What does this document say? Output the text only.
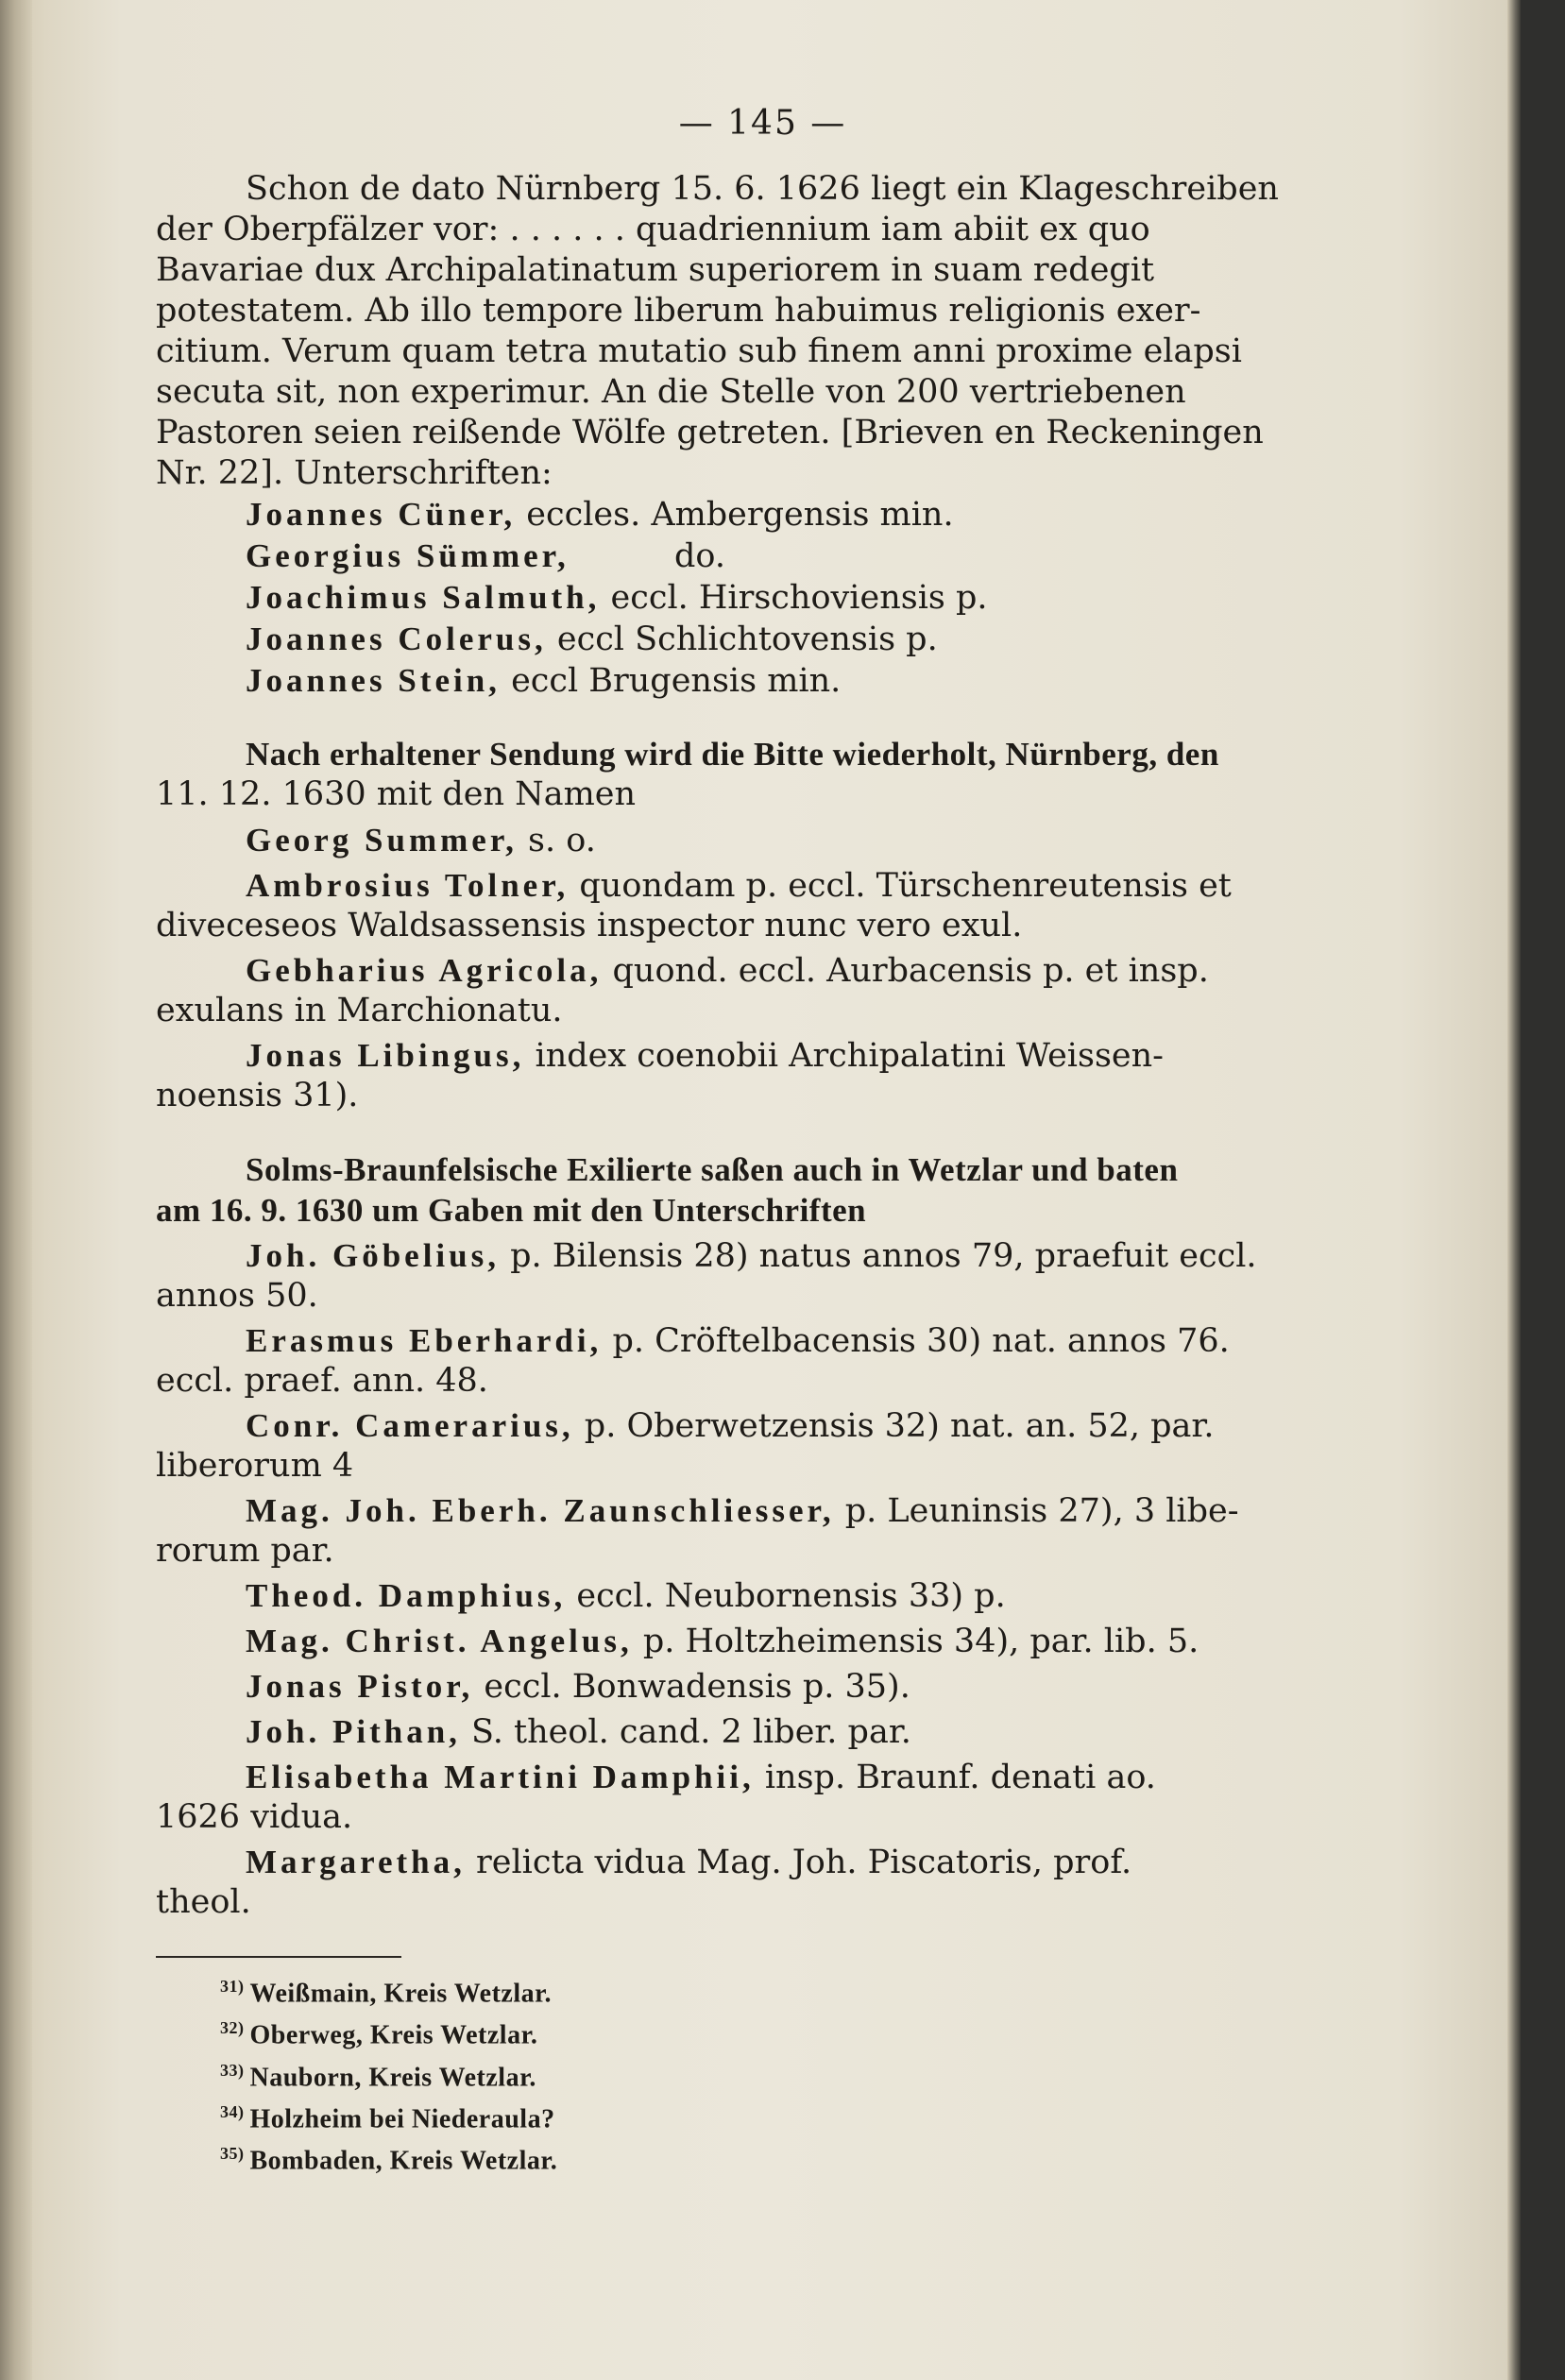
— 145 —
Schon de dato Nürnberg 15. 6. 1626 liegt ein Klageschreiben
der Oberpfälzer vor: . . . . . . quadriennium iam abiit ex quo
Bavariae dux Archipalatinatum superiorem in suam redegit
potestatem. Ab illo tempore liberum habuimus religionis exer-
citium. Verum quam tetra mutatio sub finem anni proxime elapsi
secuta sit, non experimur. An die Stelle von 200 vertriebenen
Pastoren seien reißende Wölfe getreten. [Brieven en Reckeningen
Nr. 22]. Unterschriften:
Joannes Cüner, eccles. Ambergensis min.
Georgius Sümmer,          do.
Joachimus Salmuth, eccl. Hirschoviensis p.
Joannes Colerus, eccl Schlichtovensis p.
Joannes Stein, eccl Brugensis min.
Nach erhaltener Sendung wird die Bitte wiederholt, Nürnberg, den
11. 12. 1630 mit den Namen
Georg Summer, s. o.
Ambrosius Tolner, quondam p. eccl. Türschenreutensis et
diveceseos Waldsassensis inspector nunc vero exul.
Gebharius Agricola, quond. eccl. Aurbacensis p. et insp.
exulans in Marchionatu.
Jonas Libingus, index coenobii Archipalatini Weissen-
noensis 31).
Solms-Braunfelsische Exilierte saßen auch in Wetzlar und baten
am 16. 9. 1630 um Gaben mit den Unterschriften
Joh. Göbelius, p. Bilensis 28) natus annos 79, praefuit eccl.
annos 50.
Erasmus Eberhardi, p. Cröftelbacensis 30) nat. annos 76.
eccl. praef. ann. 48.
Conr. Camerarius, p. Oberwetzensis 32) nat. an. 52, par.
liberorum 4
Mag. Joh. Eberh. Zaunschliesser, p. Leuninsis 27), 3 libe-
rorum par.
Theod. Damphius, eccl. Neubornensis 33) p.
Mag. Christ. Angelus, p. Holtzheimensis 34), par. lib. 5.
Jonas Pistor, eccl. Bonwadensis p. 35).
Joh. Pithan, S. theol. cand. 2 liber. par.
Elisabetha Martini Damphii, insp. Braunf. denati ao.
1626 vidua.
Margaretha, relicta vidua Mag. Joh. Piscatoris, prof.
theol.
$^{31)}$ Weißmain, Kreis Wetzlar.
$^{32)}$ Oberweg, Kreis Wetzlar.
$^{33)}$ Nauborn, Kreis Wetzlar.
$^{34)}$ Holzheim bei Niederaula?
$^{35)}$ Bombaden, Kreis Wetzlar.
